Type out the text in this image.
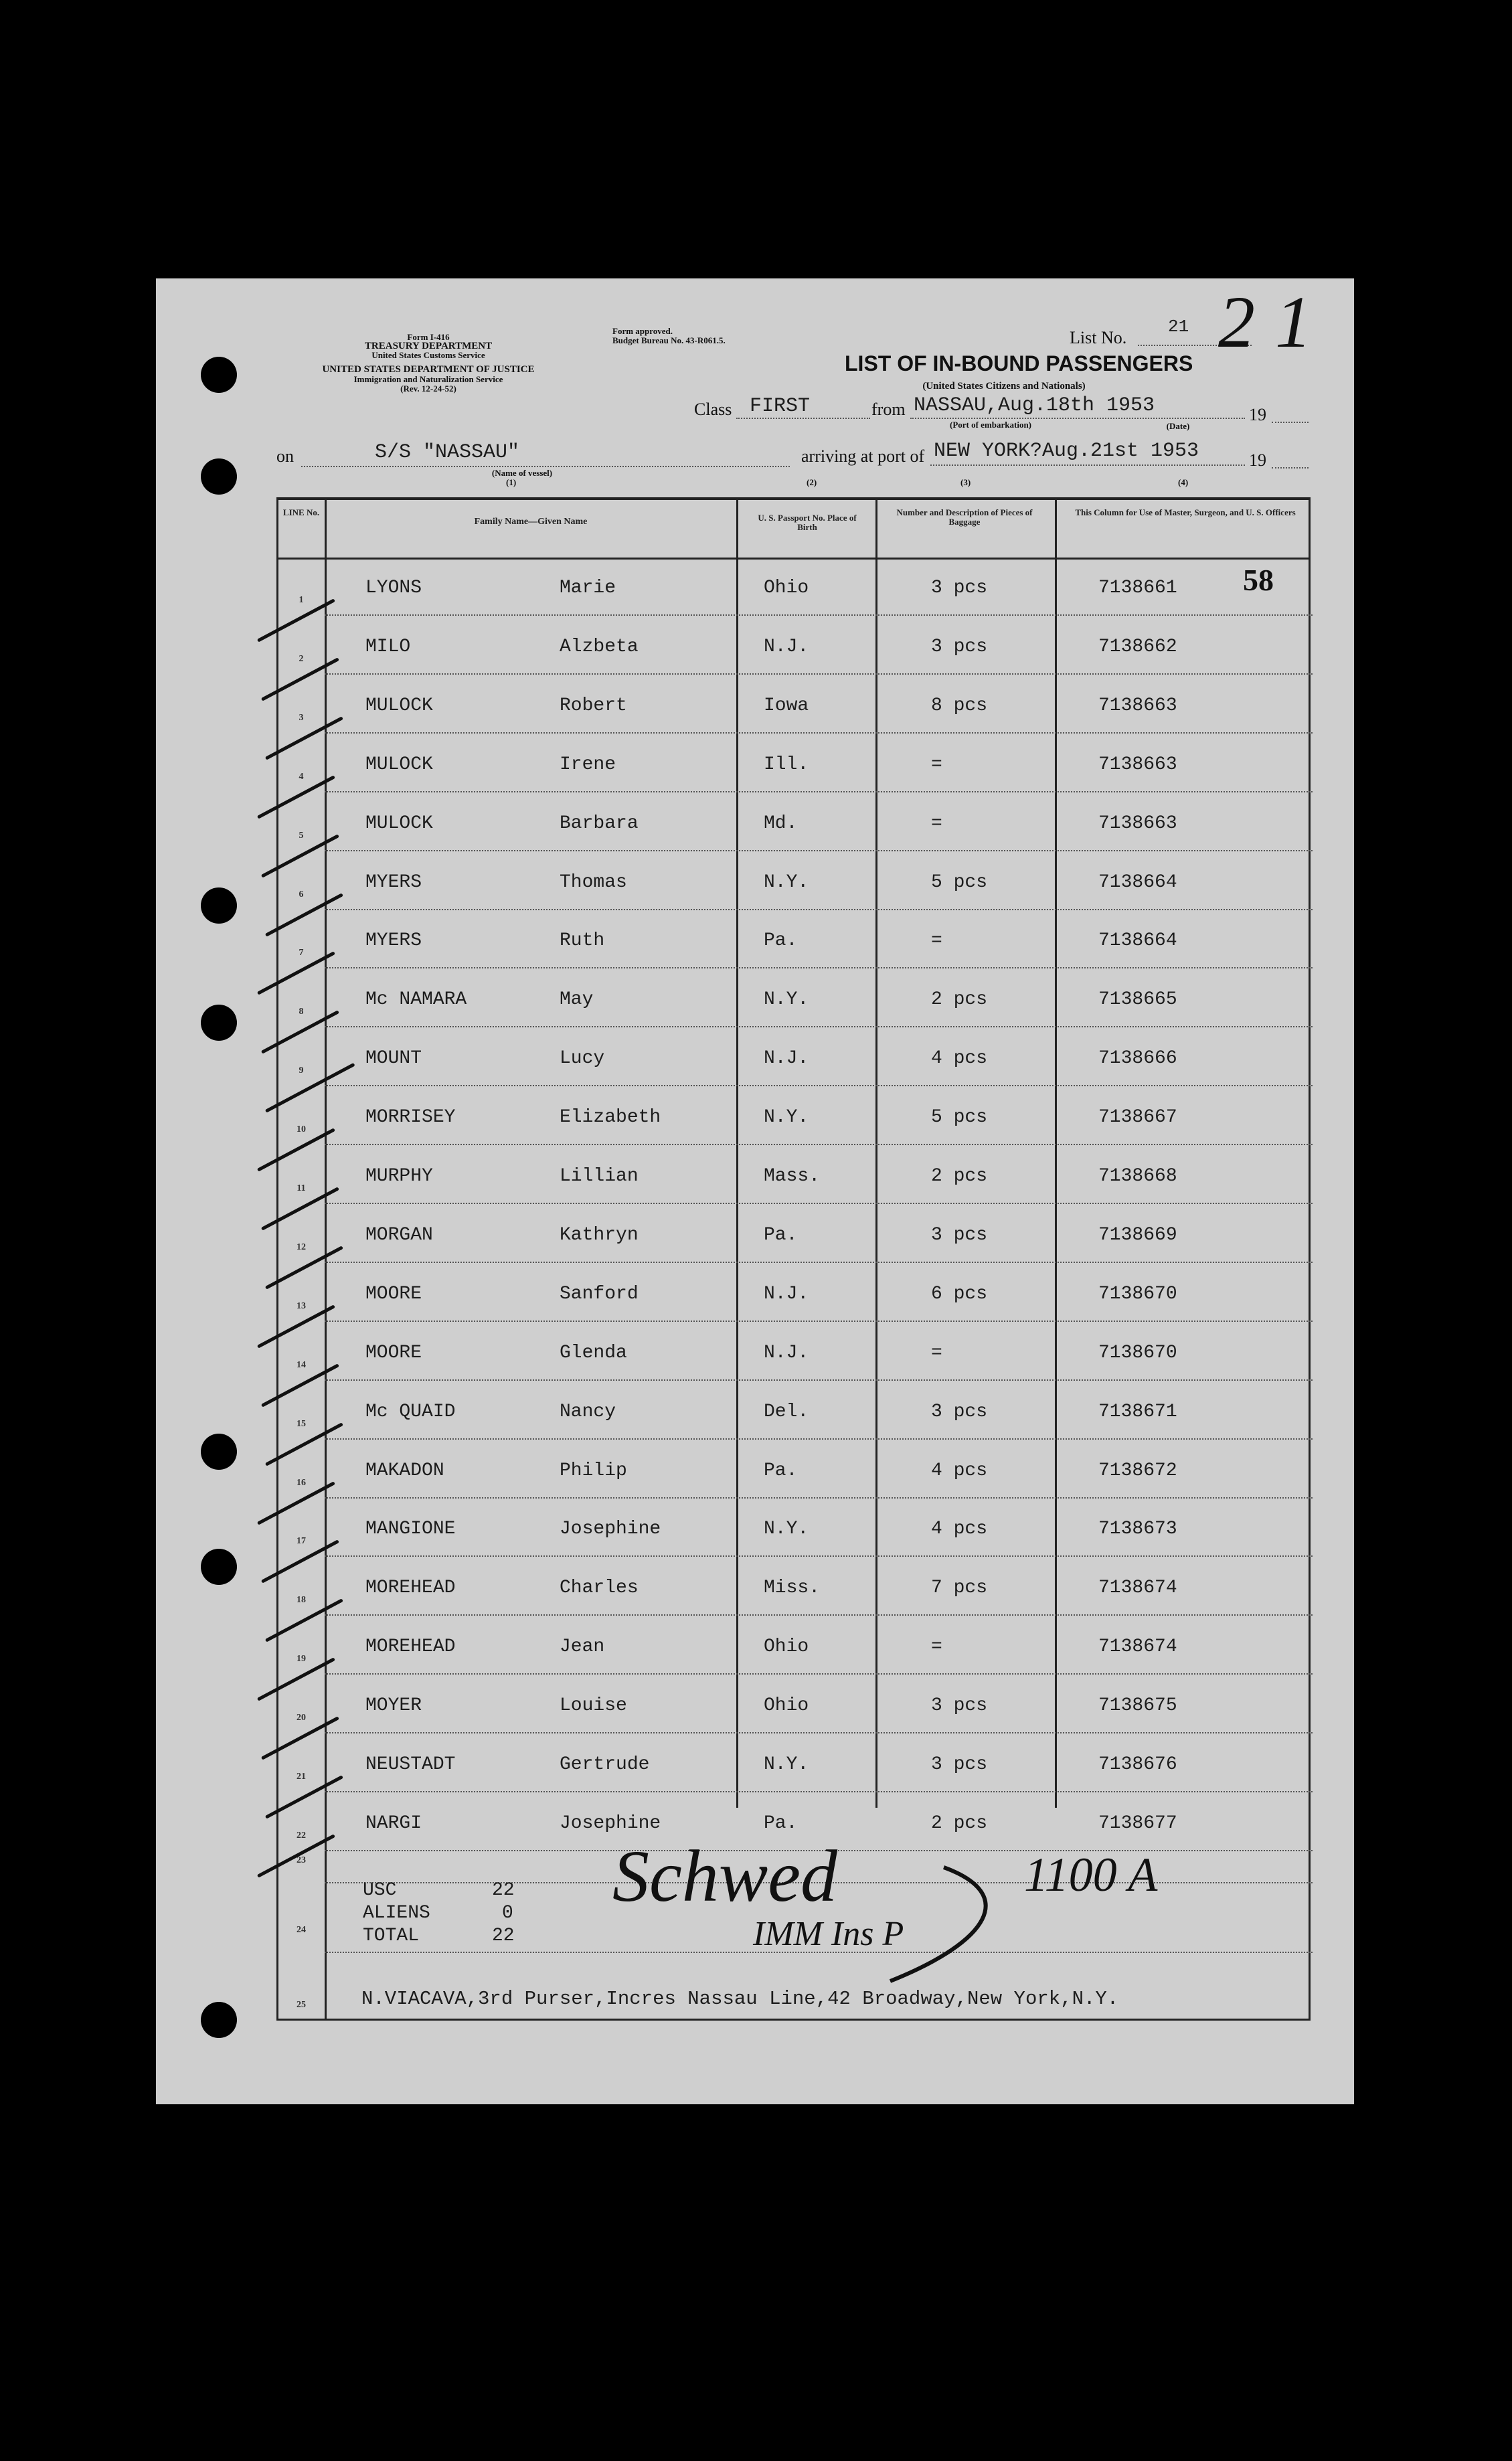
Form I-416
TREASURY DEPARTMENT
United States Customs Service
UNITED STATES DEPARTMENT OF JUSTICE
Immigration and Naturalization Service
(Rev. 12-24-52)
Form approved.
Budget Bureau No. 43-R061.5.
LIST OF IN-BOUND PASSENGERS
(United States Citizens and Nationals)
List No.
21 21
Class FIRST	from NASSAU,Aug.18th 1953	19
(Port of embarkation)	(Date)
on	S/S "NASSAU"
(Name of vessel)
arriving at port of NEW YORK?Aug.21st 1953	19
(1)	(2)	(3)	(4)
58
LINE No.
Family Name—Given Name	U. S. Passport No. Place of Birth
Number and Description of Pieces of Baggage
This Column for Use of Master, Surgeon, and U. S. Officers
1
LYONS	Marie	Ohio	3 pcs	7138661
2
MILO	Alzbeta	N.J.	3 pcs	7138662
3
MULOCK	Robert	Iowa	8 pcs	7138663
4
MULOCK	Irene	Ill.	=	7138663
5
MULOCK	Barbara	Md.	=	7138663
6
MYERS	Thomas	N.Y.	5 pcs	7138664
7
MYERS	Ruth	Pa.	=	7138664
8
Mc NAMARA	May	N.Y.	2 pcs	7138665
9
MOUNT	Lucy	N.J.	4 pcs	7138666
10
MORRISEY	Elizabeth	N.Y.	5 pcs	7138667
11
MURPHY	Lillian	Mass.	2 pcs	7138668
12
MORGAN	Kathryn	Pa.	3 pcs	7138669
13
MOORE	Sanford	N.J.	6 pcs	7138670
14
MOORE	Glenda	N.J.	=	7138670
15
Mc QUAID	Nancy	Del.	3 pcs	7138671
16
MAKADON	Philip	Pa.	4 pcs	7138672
17
MANGIONE	Josephine	N.Y.	4 pcs	7138673
18
MOREHEAD	Charles	Miss.	7 pcs	7138674
19
MOREHEAD	Jean	Ohio	=	7138674
20
MOYER	Louise	Ohio	3 pcs	7138675
21
NEUSTADT	Gertrude	N.Y.	3 pcs	7138676
22
NARGI	Josephine	Pa.	2 pcs	7138677
23
24
25
USC	22
ALIENS	0
TOTAL	22
Schwed
IMM Ins P
1100 A
N.VIACAVA,3rd Purser,Incres Nassau Line,42 Broadway,New York,N.Y.
